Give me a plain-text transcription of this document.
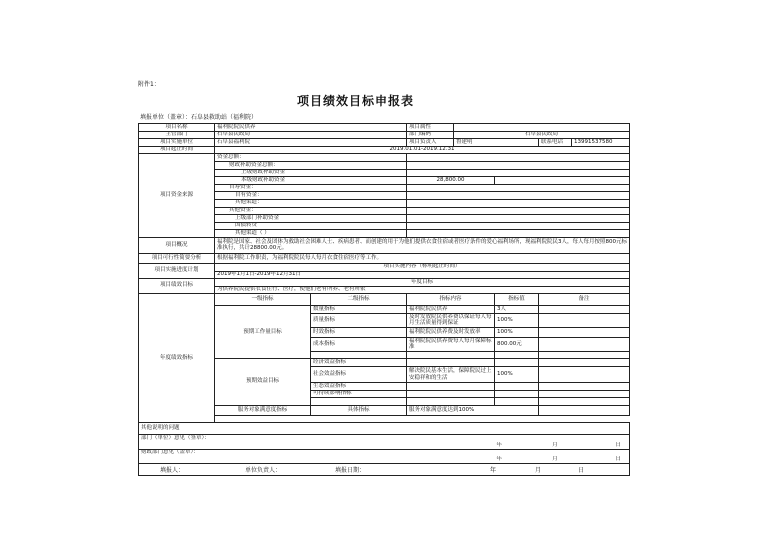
附件1：
项目绩效目标申报表
填报单位（盖章）：石阜县救助站（福利院）
项目名称	福利院院民供养		项目属性				
主管部门	石阜县民政局		部门编码	石阜县民政局			
项目实施单位	石阜县福利院		项目负责人	鲁建明		联系电话	13991537580
项目起止时间	2019.01.01-2019.12.31						
项目资金来源	资金总额：						
	财政补助资金总额：						
	上级财政补助资金						
	本级财政补助资金		28,800.00				
	自筹资金：						
	自有资金：						
	其他渠道：						
	其他资金：						
	上级部门补助资金						
	国债转贷						
	其他渠道（ ）						
项目概况	福利院是国家、社会及团体为救助社会困难人士、疾病患者、而创建的用于为他们提供衣食住宿或者医疗条件的爱心福利场所，现福利院院民3人，每人每月按照800元标准执行，共计28800.00元。						
项目可行性简要分析	根据福利院工作职责，为福利院院民每人每月衣食住宿医疗等工作。						
项目实施进度计划	项目实施内容（标明起止时间）						
	2019年1月1日-2019年12月31日						
项目绩效目标	年度目标						
	为供养院民提供衣食住行、医疗，使他们老有所养、老有所依						
年度绩效指标	一级指标	二级指标	指标内容		指标值	备注	
	预期工作量目标	数量指标	福利院院民供养		3人		
		质量指标	及时发放院民供养费以保证每人每月生活质量得到保证		100%		
		时效指标	福利院院民供养费及时发放率		100%		
		成本指标	福利院院民供养费每人每月保障标准		800.00元		

	预期效益目标	经济效益指标					
		社会效益指标	解决院民基本生活，保障院民过上安稳祥和的生活		100%		
		生态效益指标					
		可持续影响指标					

	服务对象满意度指标	具体指标	服务对象满意度达到100%				

其他说明的问题							
部门（单位）意见（签章）：							
					年	月	日
财政部门意见（盖章）：							
					年	月	日

填报人：	单位负责人：	填报日期：	年	月	日
